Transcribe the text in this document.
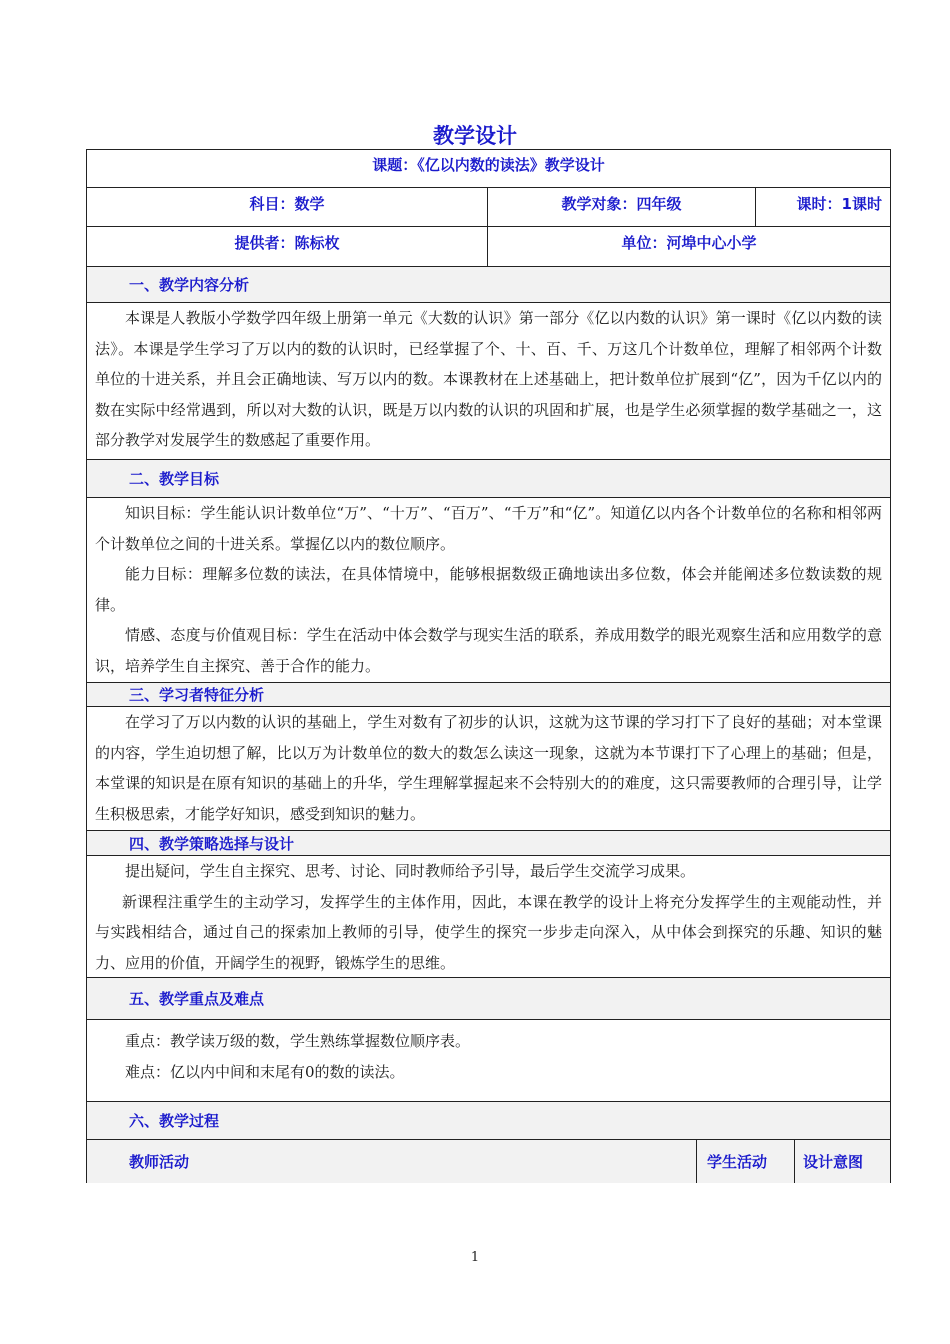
教学设计
课题：《亿以内数的读法》教学设计
科目：数学	教学对象：四年级	课时：1课时
提供者：陈标枚	单位：河埠中心小学
一、教学内容分析

本课是人教版小学数学四年级上册第一单元《大数的认识》第一部分《亿以内数的认识》第一课时《亿以内数的读法》。本课是学生学习了万以内的数的认识时，已经掌握了个、十、百、千、万这几个计数单位，理解了相邻两个计数单位的十进关系，并且会正确地读、写万以内的数。本课教材在上述基础上，把计数单位扩展到“亿”，因为千亿以内的数在实际中经常遇到，所以对大数的认识，既是万以内数的认识的巩固和扩展，也是学生必须掌握的数学基础之一，这部分教学对发展学生的数感起了重要作用。

二、教学目标

知识目标：学生能认识计数单位“万”、“十万”、“百万”、“千万”和“亿”。知道亿以内各个计数单位的名称和相邻两个计数单位之间的十进关系。掌握亿以内的数位顺序。

能力目标：理解多位数的读法，在具体情境中，能够根据数级正确地读出多位数，体会并能阐述多位数读数的规律。

情感、态度与价值观目标：学生在活动中体会数学与现实生活的联系，养成用数学的眼光观察生活和应用数学的意识，培养学生自主探究、善于合作的能力。

三、学习者特征分析

在学习了万以内数的认识的基础上，学生对数有了初步的认识，这就为这节课的学习打下了良好的基础；对本堂课的内容，学生迫切想了解，比以万为计数单位的数大的数怎么读这一现象，这就为本节课打下了心理上的基础；但是，本堂课的知识是在原有知识的基础上的升华，学生理解掌握起来不会特别大的的难度，这只需要教师的合理引导，让学生积极思索，才能学好知识，感受到知识的魅力。

四、教学策略选择与设计

提出疑问，学生自主探究、思考、讨论、同时教师给予引导，最后学生交流学习成果。

新课程注重学生的主动学习，发挥学生的主体作用，因此，本课在教学的设计上将充分发挥学生的主观能动性，并与实践相结合，通过自己的探索加上教师的引导，使学生的探究一步步走向深入，从中体会到探究的乐趣、知识的魅力、应用的价值，开阔学生的视野，锻炼学生的思维。

五、教学重点及难点

重点：教学读万级的数，学生熟练掌握数位顺序表。

难点：亿以内中间和末尾有0的数的读法。

六、教学过程
教师活动	学生活动	设计意图
1
